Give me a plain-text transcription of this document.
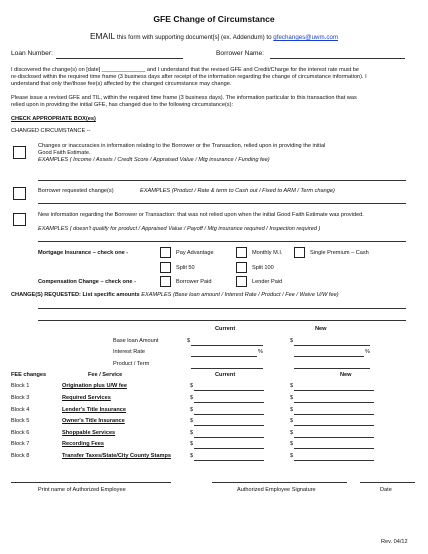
GFE Change of Circumstance
EMAIL this form with supporting document[s] (ex. Addendum) to gfechanges@uwm.com
Loan Number:	Borrower Name:
I discovered the change(s) on [date] ______________ and I understand that the revised GFE and Credit/Charge for the interest rate must be
re-disclosed within the required time frame (3 business days after receipt of the information regarding the change of circumstance information). I
understand that only the/those fee(s) affected by the changed circumstance may change.
Please issue a revised GFE and TIL, within the required time frame (3 business days). The information particular to this transaction that was
relied upon in providing the initial GFE, has changed due to the following circumstance(s):
CHECK APPROPRIATE BOX(es)
CHANGED CIRCUMSTANCE --
Changes or inaccuracies in information relating to the Borrower or the Transaction, relied upon in providing the initial
Good Faith Estimate.
EXAMPLES ( Income / Assets / Credit Score / Appraised Value / Mtg insurance / Funding fee)
Borrower requested change(s)	EXAMPLES (Product / Rate & term to Cash out / Fixed to ARM / Term change)
New information regarding the Borrower or Transaction: that was not relied upon when the initial Good Faith Estimate was provided.
EXAMPLES ( doesn't qualify for product / Appraised Value / Payoff / Mtg insurance required / Inspection required )
Mortgage Insurance – check one -	Pay Advantage	Monthly M.I.	Single Premium – Cash
Split 50	Split 100
Compensation Change – check one -	Borrower Paid	Lender Paid
CHANGE(S) REQUESTED: List specific amounts EXAMPLES (Base loan amount / Interest Rate / Product / Fee / Waive U/W fee)
Current	New
Base loan Amount	$	$
Interest Rate	%	%
Product / Term
FEE changes	Fee / Service	Current	New
Block 1	Origination plus U/W fee	$	$
Block 3	Required Services	$	$
Block 4	Lender's Title Insurance	$	$
Block 5	Owner's Title Insurance	$	$
Block 6	Shoppable Services	$	$
Block 7	Recording Fees	$	$
Block 8	Transfer Taxes/State/City County Stamps	$	$
Print name of Authorized Employee	Authorized Employee Signature	Date
Rev. 04/12
